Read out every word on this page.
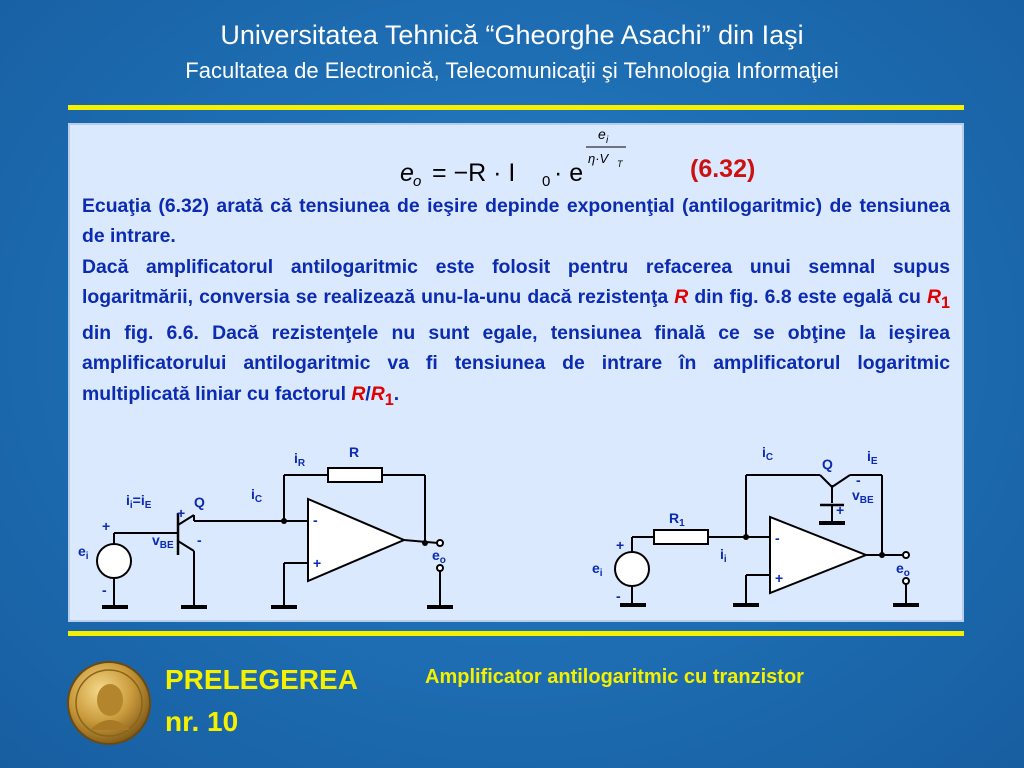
Universitatea Tehnică “Gheorghe Asachi” din Iaşi
Facultatea de Electronică, Telecomunicaţii şi Tehnologia Informaţiei
e o = −R · I 0 · e
e i
η·V T	(6.32)

Ecuaţia (6.32) arată că tensiunea de ieşire depinde exponenţial (antilogaritmic) de tensiunea de intrare.

Dacă amplificatorul antilogaritmic este folosit pentru refacerea unui semnal supus logaritmării, conversia se realizează unu-la-unu dacă rezistenţa R din fig. 6.8 este egală cu $R_1$ din fig. 6.6. Dacă rezistenţele nu sunt egale, tensiunea finală ce se obţine la ieşirea amplificatorului antilogaritmic va fi tensiunea de intrare în amplificatorul logaritmic multiplicată liniar cu factorul $R/R_1$.

$i_R$
R
$i_i=i_E$	Q	$i_C$
+
$v_{BE}$ -
+
$e_i$
-
-
+	$e_o$
$i_C$	Q $i_E$
-
$v_{BE}$
+
$R_1$
$i_i$
+
$e_i$
-
-
+
$e_o$
PRELEGEREA
nr. 10
Amplificator antilogaritmic cu tranzistor
